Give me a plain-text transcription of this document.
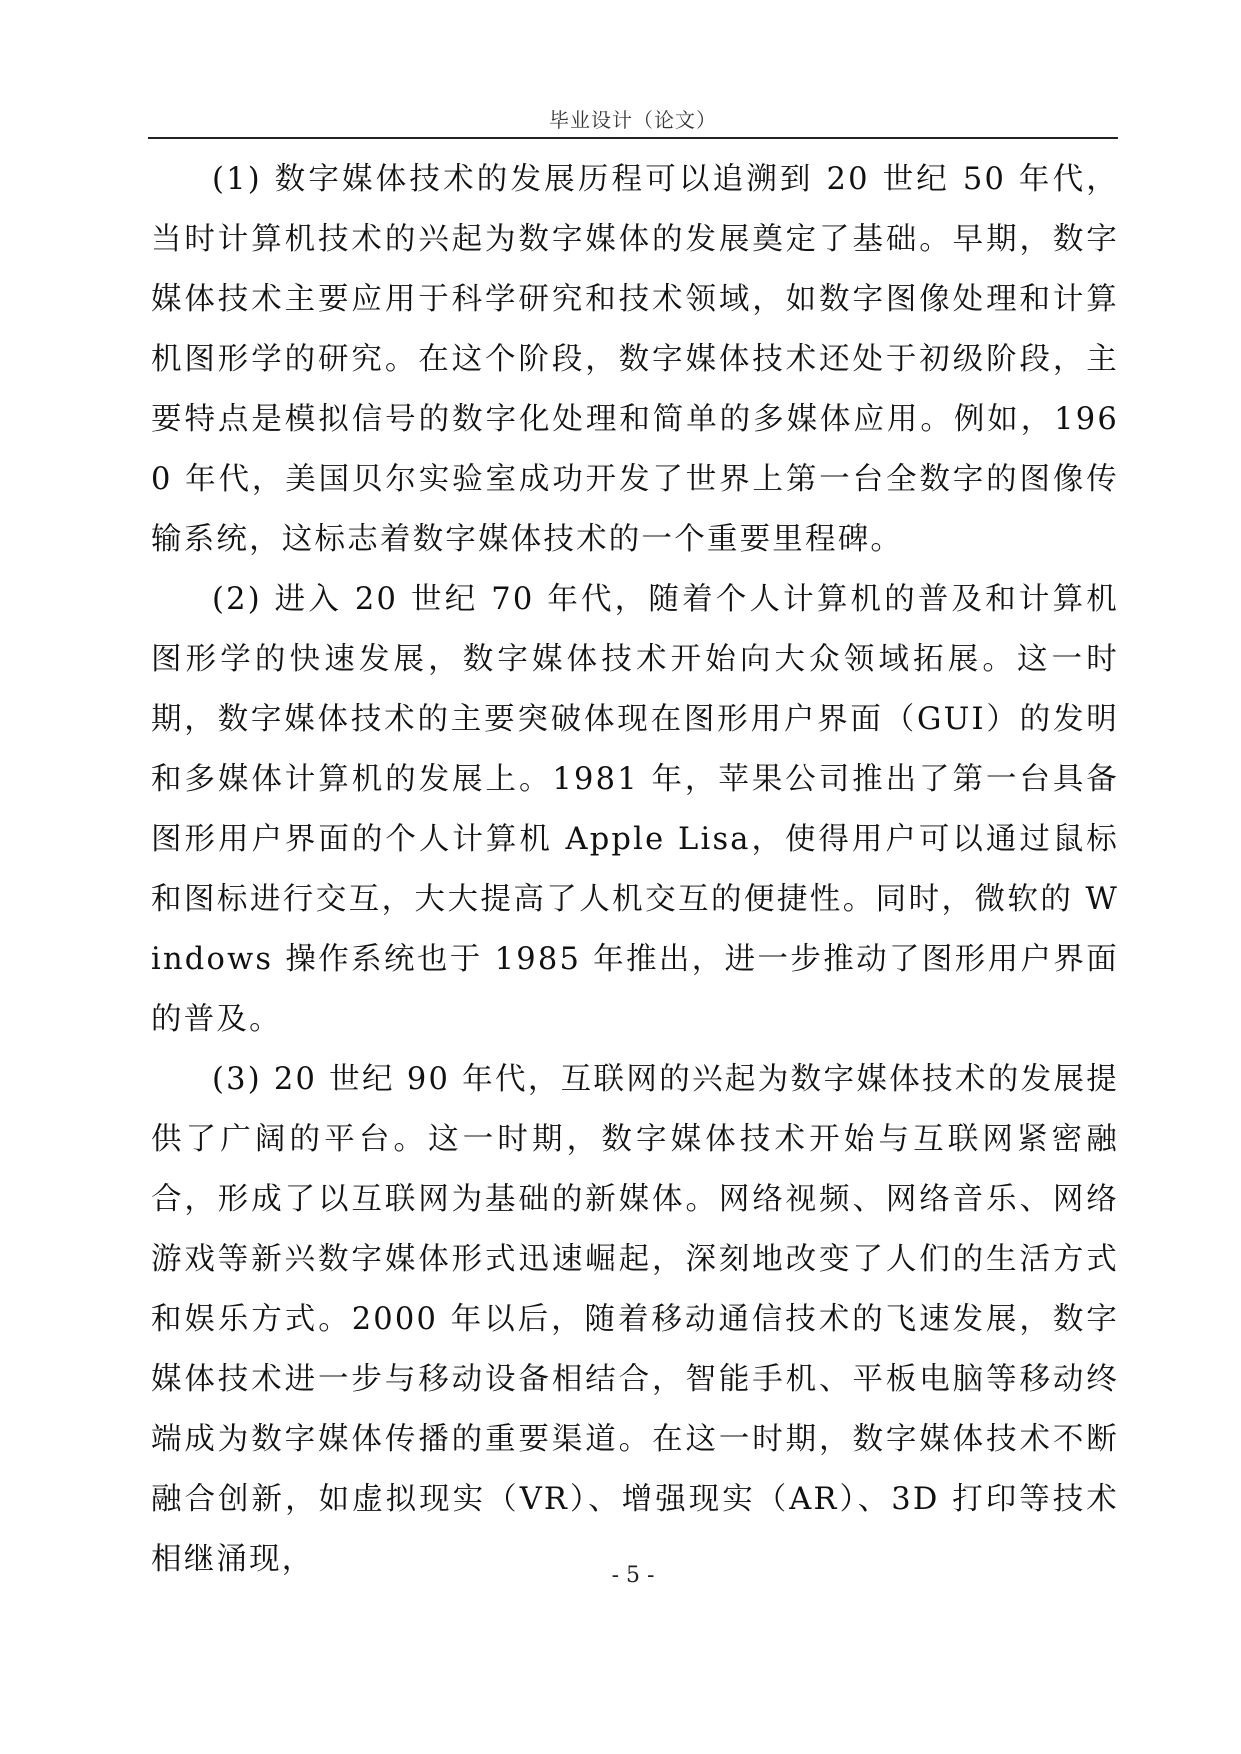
毕业设计（论文）

(1) 数字媒体技术的发展历程可以追溯到 20 世纪 50 年代，当时计算机技术的兴起为数字媒体的发展奠定了基础。早期，数字媒体技术主要应用于科学研究和技术领域，如数字图像处理和计算机图形学的研究。在这个阶段，数字媒体技术还处于初级阶段，主要特点是模拟信号的数字化处理和简单的多媒体应用。例如，1960 年代，美国贝尔实验室成功开发了世界上第一台全数字的图像传输系统，这标志着数字媒体技术的一个重要里程碑。

(2) 进入 20 世纪 70 年代，随着个人计算机的普及和计算机图形学的快速发展，数字媒体技术开始向大众领域拓展。这一时期，数字媒体技术的主要突破体现在图形用户界面（GUI）的发明和多媒体计算机的发展上。1981 年，苹果公司推出了第一台具备图形用户界面的个人计算机 Apple Lisa，使得用户可以通过鼠标和图标进行交互，大大提高了人机交互的便捷性。同时，微软的 Windows 操作系统也于 1985 年推出，进一步推动了图形用户界面的普及。

(3) 20 世纪 90 年代，互联网的兴起为数字媒体技术的发展提供了广阔的平台。这一时期，数字媒体技术开始与互联网紧密融合，形成了以互联网为基础的新媒体。网络视频、网络音乐、网络游戏等新兴数字媒体形式迅速崛起，深刻地改变了人们的生活方式和娱乐方式。2000 年以后，随着移动通信技术的飞速发展，数字媒体技术进一步与移动设备相结合，智能手机、平板电脑等移动终端成为数字媒体传播的重要渠道。在这一时期，数字媒体技术不断融合创新，如虚拟现实（VR）、增强现实（AR）、3D 打印等技术相继涌现，	- 5 -
